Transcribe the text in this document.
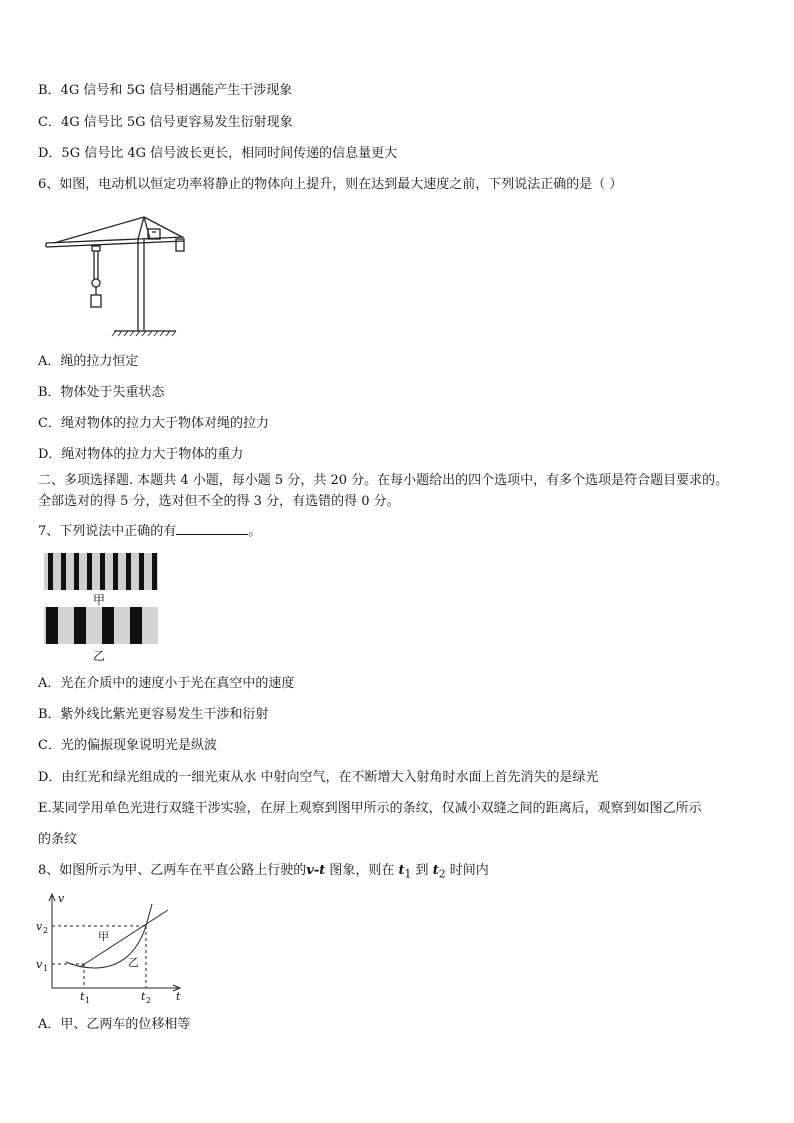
B．4G 信号和 5G 信号相遇能产生干涉现象
C．4G 信号比 5G 信号更容易发生衍射现象
D．5G 信号比 4G 信号波长更长，相同时间传递的信息量更大
6、如图，电动机以恒定功率将静止的物体向上提升，则在达到最大速度之前，下列说法正确的是（ ）
A．绳的拉力恒定
B．物体处于失重状态
C．绳对物体的拉力大于物体对绳的拉力
D．绳对物体的拉力大于物体的重力
二、多项选择题. 本题共 4 小题，每小题 5 分，共 20 分。在每小题给出的四个选项中，有多个选项是符合题目要求的。
全部选对的得 5 分，选对但不全的得 3 分，有选错的得 0 分。
7、下列说法中正确的有	。
甲
乙
A．光在介质中的速度小于光在真空中的速度
B．紫外线比紫光更容易发生干涉和衍射
C．光的偏振现象说明光是纵波
D．由红光和绿光组成的一细光束从水 中射向空气，在不断增大入射角时水面上首先消失的是绿光
E.某同学用单色光进行双缝干涉实验，在屏上观察到图甲所示的条纹，仅减小双缝之间的距离后，观察到如图乙所示
的条纹
8、如图所示为甲、乙两车在平直公路上行驶的v-t 图象，则在 $t_1$ 到 $t_2$ 时间内
v
t
v 2
v 1
t 1	t 2
甲
乙
A．甲、乙两车的位移相等
